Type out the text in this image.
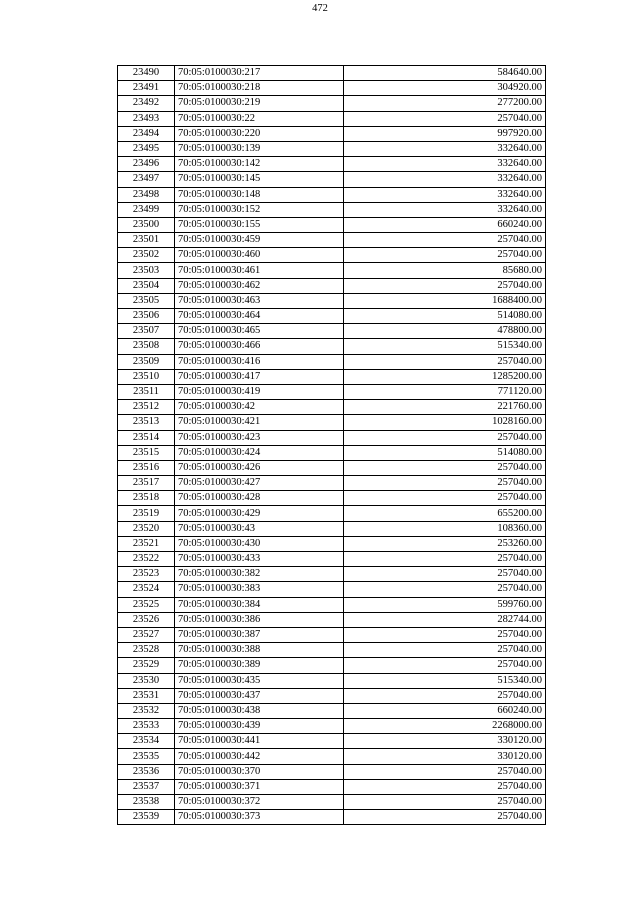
472
23490	70:05:0100030:217	584640.00
23491	70:05:0100030:218	304920.00
23492	70:05:0100030:219	277200.00
23493	70:05:0100030:22	257040.00
23494	70:05:0100030:220	997920.00
23495	70:05:0100030:139	332640.00
23496	70:05:0100030:142	332640.00
23497	70:05:0100030:145	332640.00
23498	70:05:0100030:148	332640.00
23499	70:05:0100030:152	332640.00
23500	70:05:0100030:155	660240.00
23501	70:05:0100030:459	257040.00
23502	70:05:0100030:460	257040.00
23503	70:05:0100030:461	85680.00
23504	70:05:0100030:462	257040.00
23505	70:05:0100030:463	1688400.00
23506	70:05:0100030:464	514080.00
23507	70:05:0100030:465	478800.00
23508	70:05:0100030:466	515340.00
23509	70:05:0100030:416	257040.00
23510	70:05:0100030:417	1285200.00
23511	70:05:0100030:419	771120.00
23512	70:05:0100030:42	221760.00
23513	70:05:0100030:421	1028160.00
23514	70:05:0100030:423	257040.00
23515	70:05:0100030:424	514080.00
23516	70:05:0100030:426	257040.00
23517	70:05:0100030:427	257040.00
23518	70:05:0100030:428	257040.00
23519	70:05:0100030:429	655200.00
23520	70:05:0100030:43	108360.00
23521	70:05:0100030:430	253260.00
23522	70:05:0100030:433	257040.00
23523	70:05:0100030:382	257040.00
23524	70:05:0100030:383	257040.00
23525	70:05:0100030:384	599760.00
23526	70:05:0100030:386	282744.00
23527	70:05:0100030:387	257040.00
23528	70:05:0100030:388	257040.00
23529	70:05:0100030:389	257040.00
23530	70:05:0100030:435	515340.00
23531	70:05:0100030:437	257040.00
23532	70:05:0100030:438	660240.00
23533	70:05:0100030:439	2268000.00
23534	70:05:0100030:441	330120.00
23535	70:05:0100030:442	330120.00
23536	70:05:0100030:370	257040.00
23537	70:05:0100030:371	257040.00
23538	70:05:0100030:372	257040.00
23539	70:05:0100030:373	257040.00
